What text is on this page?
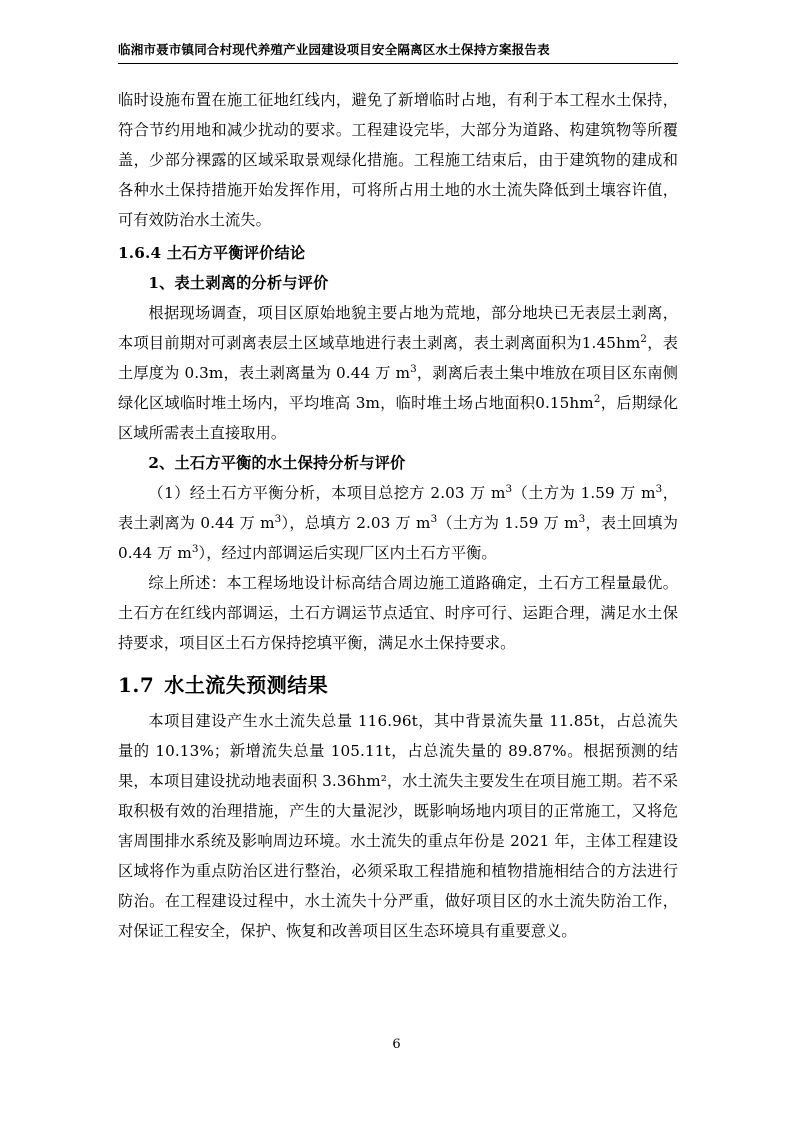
临湘市聂市镇同合村现代养殖产业园建设项目安全隔离区水土保持方案报告表

临时设施布置在施工征地红线内，避免了新增临时占地，有利于本工程水土保持，符合节约用地和减少扰动的要求。工程建设完毕，大部分为道路、构建筑物等所覆盖，少部分裸露的区域采取景观绿化措施。工程施工结束后，由于建筑物的建成和各种水土保持措施开始发挥作用，可将所占用土地的水土流失降低到土壤容许值，可有效防治水土流失。

1.6.4 土石方平衡评价结论

1、表土剥离的分析与评价

根据现场调查，项目区原始地貌主要占地为荒地，部分地块已无表层土剥离，本项目前期对可剥离表层土区域草地进行表土剥离，表土剥离面积为$1.45hm^2$，表土厚度为 0.3m，表土剥离量为 0.44 万 $m^3$，剥离后表土集中堆放在项目区东南侧绿化区域临时堆土场内，平均堆高 3m，临时堆土场占地面积$0.15hm^2$，后期绿化区域所需表土直接取用。

2、土石方平衡的水土保持分析与评价

（1）经土石方平衡分析，本项目总挖方 2.03 万 $m^3$（土方为 1.59 万 $m^3$，表土剥离为 0.44 万 $m^3$），总填方 2.03 万 $m^3$（土方为 1.59 万 $m^3$，表土回填为 0.44 万 $m^3$），经过内部调运后实现厂区内土石方平衡。

综上所述：本工程场地设计标高结合周边施工道路确定，土石方工程量最优。土石方在红线内部调运，土石方调运节点适宜、时序可行、运距合理，满足水土保持要求，项目区土石方保持挖填平衡，满足水土保持要求。

1.7 水土流失预测结果

本项目建设产生水土流失总量 116.96t，其中背景流失量 11.85t，占总流失量的 10.13%；新增流失总量 105.11t，占总流失量的 89.87%。根据预测的结果，本项目建设扰动地表面积 3.36hm²，水土流失主要发生在项目施工期。若不采取积极有效的治理措施，产生的大量泥沙，既影响场地内项目的正常施工，又将危害周围排水系统及影响周边环境。水土流失的重点年份是 2021 年，主体工程建设区域将作为重点防治区进行整治，必须采取工程措施和植物措施相结合的方法进行防治。在工程建设过程中，水土流失十分严重，做好项目区的水土流失防治工作，对保证工程安全，保护、恢复和改善项目区生态环境具有重要意义。

6
